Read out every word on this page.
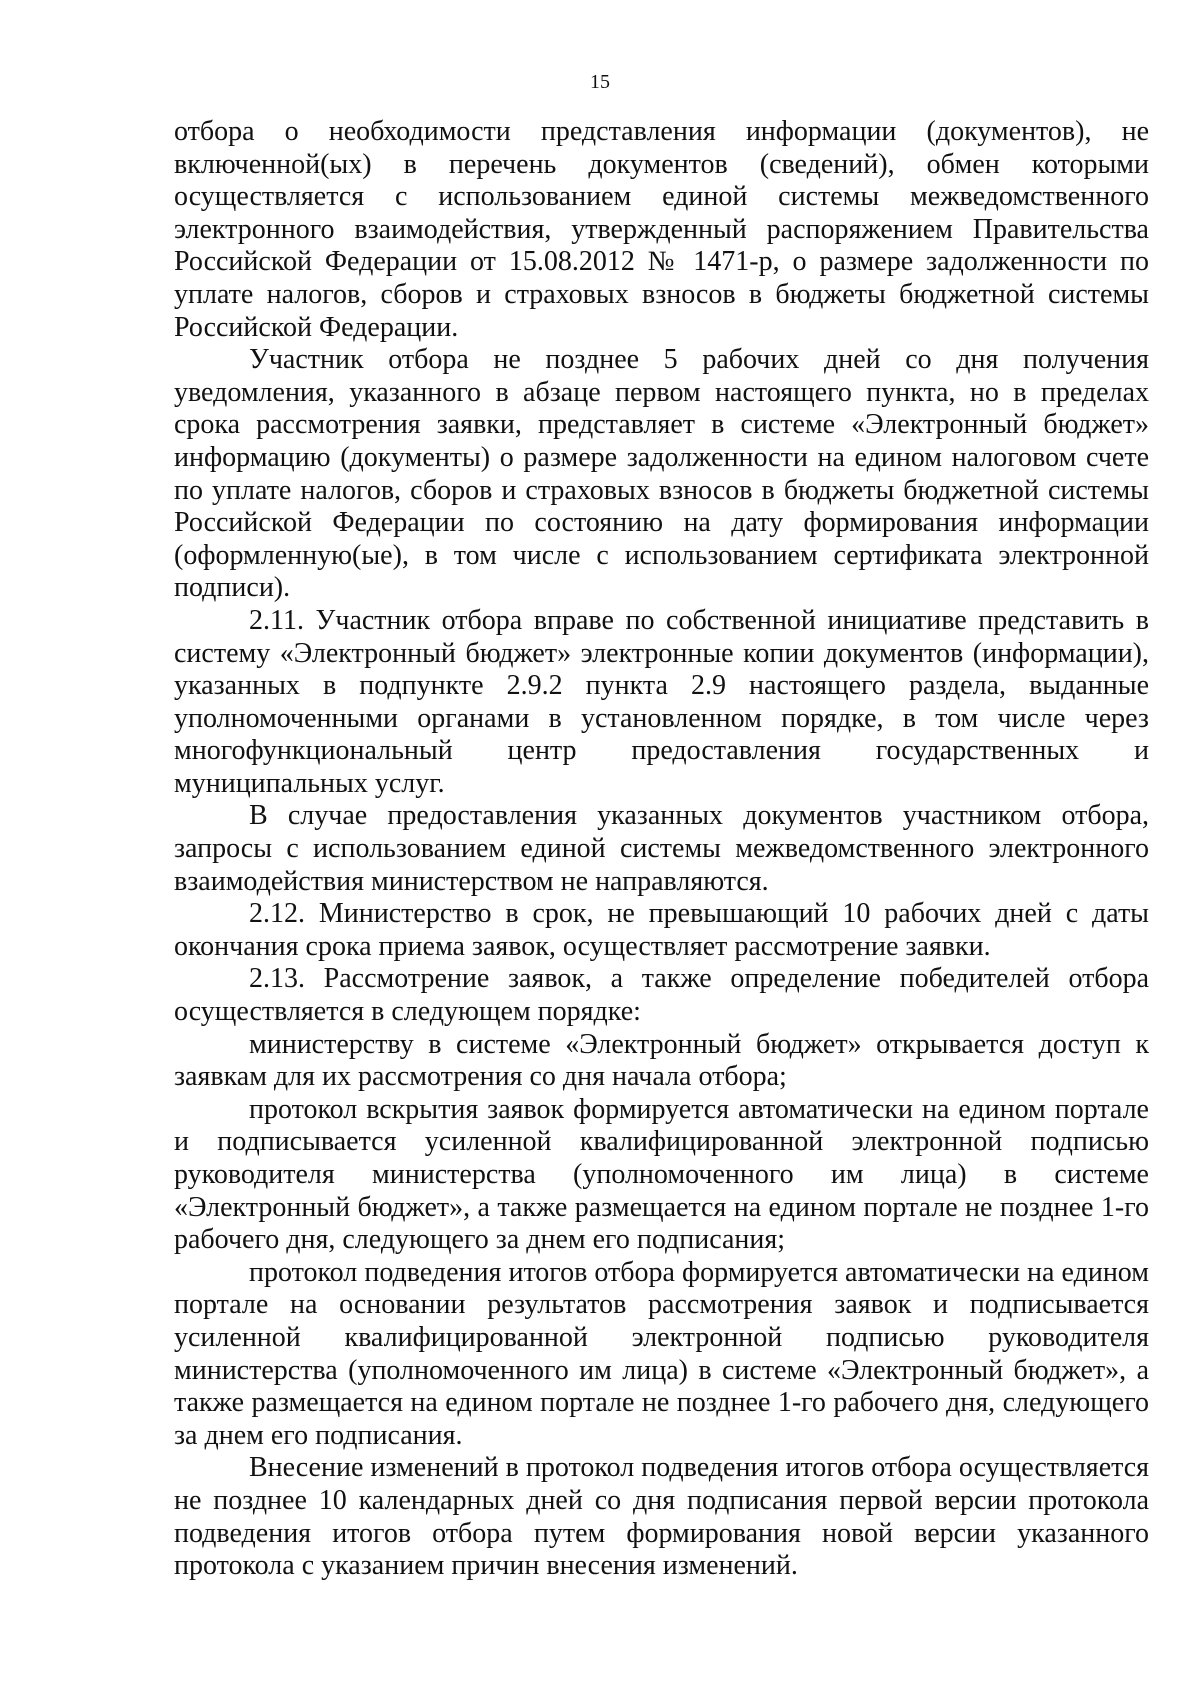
15

отбора о необходимости представления информации (документов), не включенной(ых) в перечень документов (сведений), обмен которыми осуществляется с использованием единой системы межведомственного электронного взаимодействия, утвержденный распоряжением Правительства Российской Федерации от 15.08.2012 № 1471-р, о размере задолженности по уплате налогов, сборов и страховых взносов в бюджеты бюджетной системы Российской Федерации.

Участник отбора не позднее 5 рабочих дней со дня получения уведомления, указанного в абзаце первом настоящего пункта, но в пределах срока рассмотрения заявки, представляет в системе «Электронный бюджет» информацию (документы) о размере задолженности на едином налоговом счете по уплате налогов, сборов и страховых взносов в бюджеты бюджетной системы Российской Федерации по состоянию на дату формирования информации (оформленную(ые), в том числе с использованием сертификата электронной подписи).

2.11. Участник отбора вправе по собственной инициативе представить в систему «Электронный бюджет» электронные копии документов (информации), указанных в подпункте 2.9.2 пункта 2.9 настоящего раздела, выданные уполномоченными органами в установленном порядке, в том числе через многофункциональный центр предоставления государственных и муниципальных услуг.

В случае предоставления указанных документов участником отбора, запросы с использованием единой системы межведомственного электронного взаимодействия министерством не направляются.

2.12. Министерство в срок, не превышающий 10 рабочих дней с даты окончания срока приема заявок, осуществляет рассмотрение заявки.

2.13. Рассмотрение заявок, а также определение победителей отбора осуществляется в следующем порядке:

министерству в системе «Электронный бюджет» открывается доступ к заявкам для их рассмотрения со дня начала отбора;

протокол вскрытия заявок формируется автоматически на едином портале и подписывается усиленной квалифицированной электронной подписью руководителя министерства (уполномоченного им лица) в системе «Электронный бюджет», а также размещается на едином портале не позднее 1-го рабочего дня, следующего за днем его подписания;

протокол подведения итогов отбора формируется автоматически на едином портале на основании результатов рассмотрения заявок и подписывается усиленной квалифицированной электронной подписью руководителя министерства (уполномоченного им лица) в системе «Электронный бюджет», а также размещается на едином портале не позднее 1-го рабочего дня, следующего за днем его подписания.

Внесение изменений в протокол подведения итогов отбора осуществляется не позднее 10 календарных дней со дня подписания первой версии протокола подведения итогов отбора путем формирования новой версии указанного протокола с указанием причин внесения изменений.
